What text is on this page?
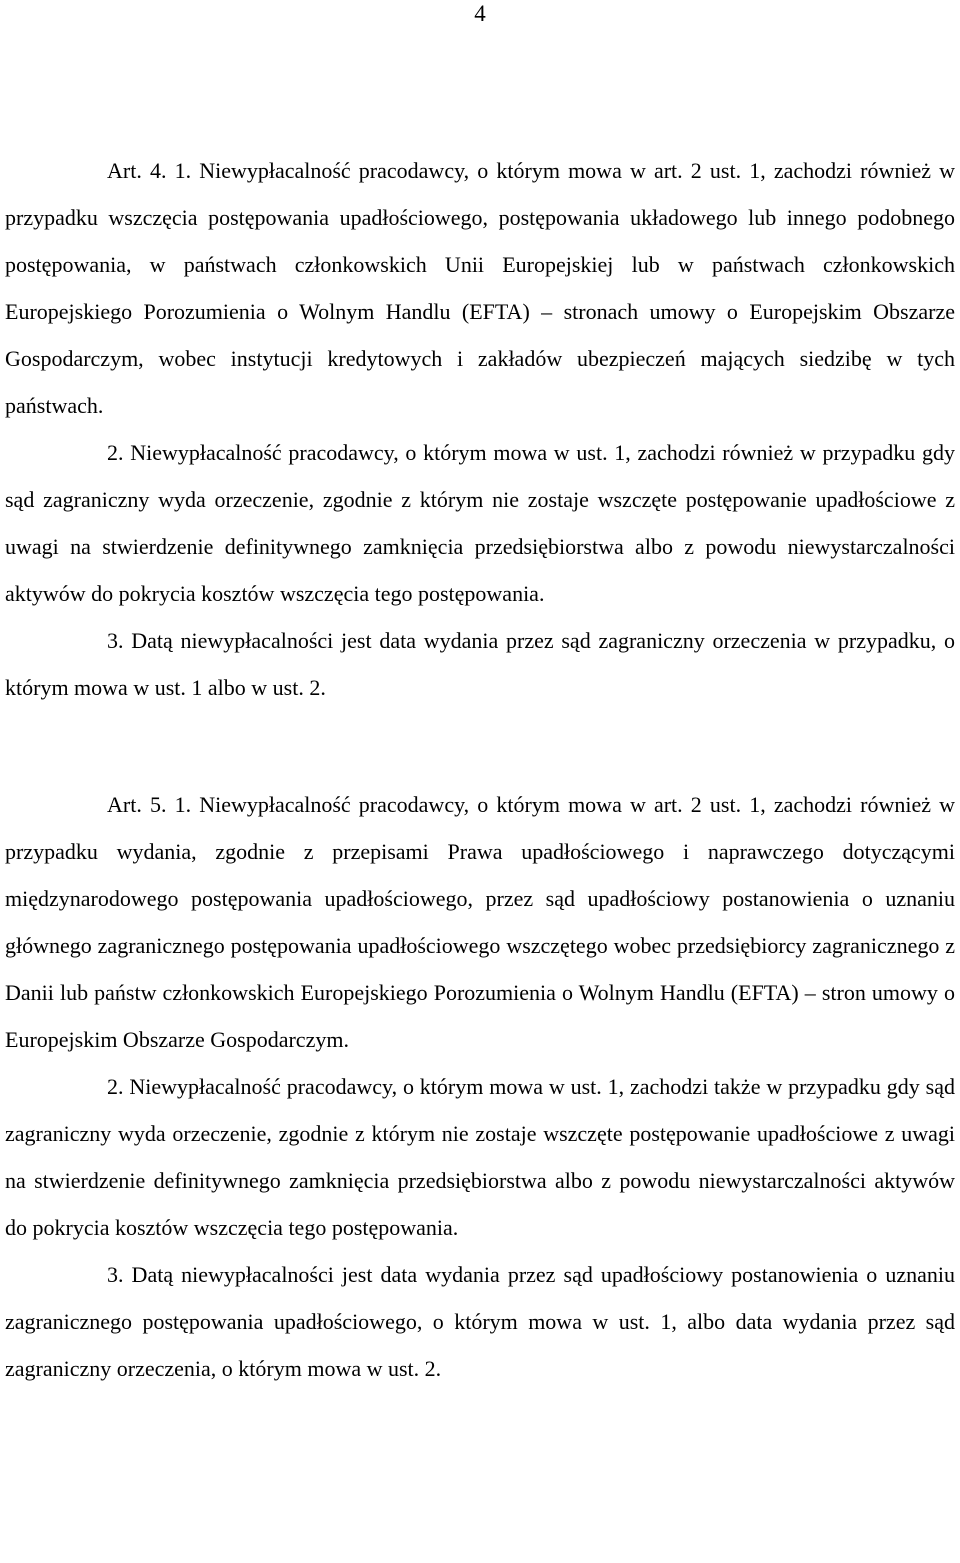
4

Art. 4. 1. Niewypłacalność pracodawcy, o którym mowa w art. 2 ust. 1, zachodzi również w przypadku wszczęcia postępowania upadłościowego, postępowania układowego lub innego podobnego postępowania, w państwach członkowskich Unii Europejskiej lub w państwach członkowskich Europejskiego Porozumienia o Wolnym Handlu (EFTA) – stronach umowy o Europejskim Obszarze Gospodarczym, wobec instytucji kredytowych i zakładów ubezpieczeń mających siedzibę w tych państwach.

2. Niewypłacalność pracodawcy, o którym mowa w ust. 1, zachodzi również w przypadku gdy sąd zagraniczny wyda orzeczenie, zgodnie z którym nie zostaje wszczęte postępowanie upadłościowe z uwagi na stwierdzenie definitywnego zamknięcia przedsiębiorstwa albo z powodu niewystarczalności aktywów do pokrycia kosztów wszczęcia tego postępowania.

3. Datą niewypłacalności jest data wydania przez sąd zagraniczny orzeczenia w przypadku, o którym mowa w ust. 1 albo w ust. 2.

Art. 5. 1. Niewypłacalność pracodawcy, o którym mowa w art. 2 ust. 1, zachodzi również w przypadku wydania, zgodnie z przepisami Prawa upadłościowego i naprawczego dotyczącymi międzynarodowego postępowania upadłościowego, przez sąd upadłościowy postanowienia o uznaniu głównego zagranicznego postępowania upadłościowego wszczętego wobec przedsiębiorcy zagranicznego z Danii lub państw członkowskich Europejskiego Porozumienia o Wolnym Handlu (EFTA) – stron umowy o Europejskim Obszarze Gospodarczym.

2. Niewypłacalność pracodawcy, o którym mowa w ust. 1, zachodzi także w przypadku gdy sąd zagraniczny wyda orzeczenie, zgodnie z którym nie zostaje wszczęte postępowanie upadłościowe z uwagi na stwierdzenie definitywnego zamknięcia przedsiębiorstwa albo z powodu niewystarczalności aktywów do pokrycia kosztów wszczęcia tego postępowania.

3. Datą niewypłacalności jest data wydania przez sąd upadłościowy postanowienia o uznaniu zagranicznego postępowania upadłościowego, o którym mowa w ust. 1, albo data wydania przez sąd zagraniczny orzeczenia, o którym mowa w ust. 2.
